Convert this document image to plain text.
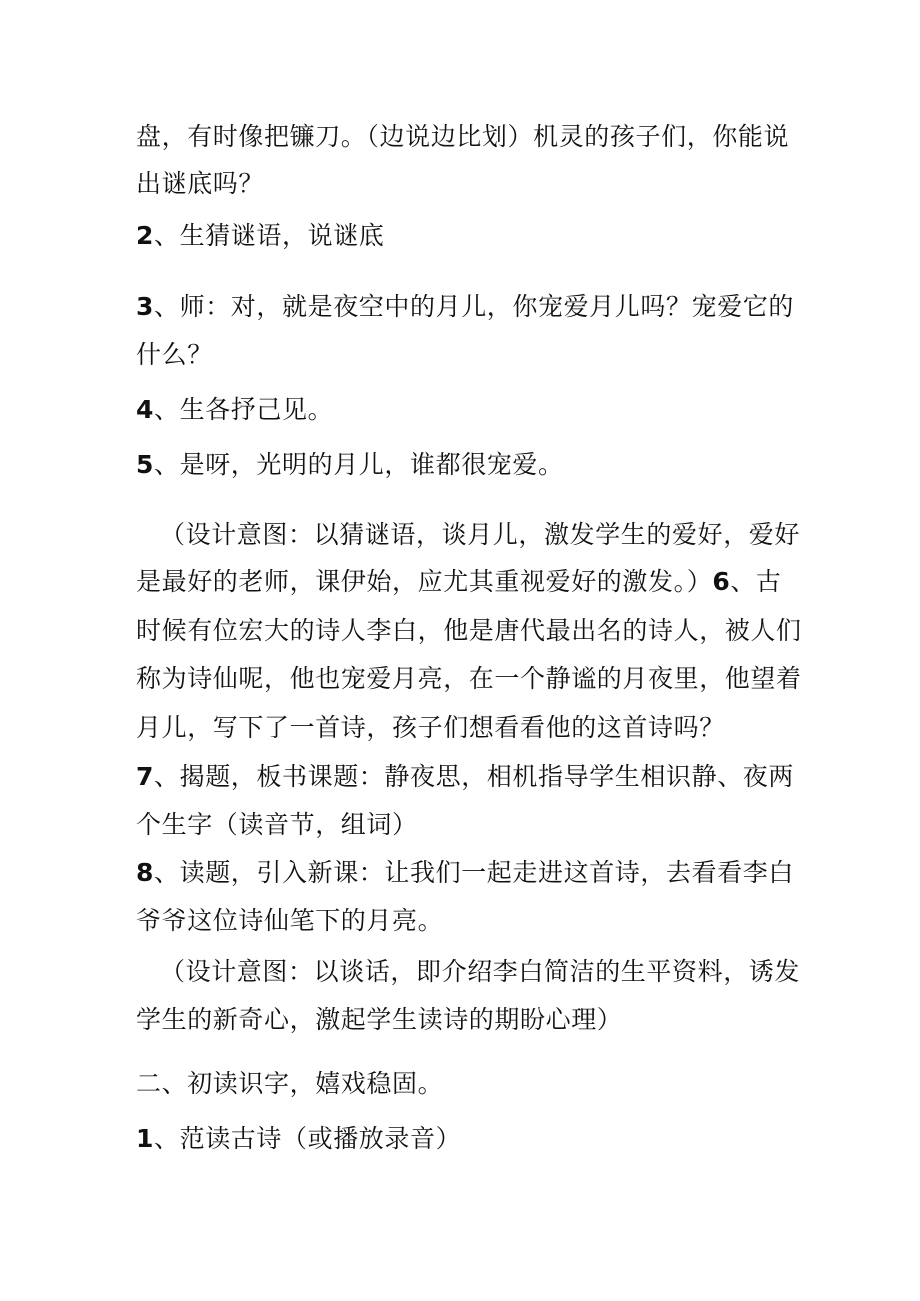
盘，有时像把镰刀。（边说边比划）机灵的孩子们，你能说

出谜底吗？

2、生猜谜语，说谜底

3、师：对，就是夜空中的月儿，你宠爱月儿吗？宠爱它的

什么？

4、生各抒己见。

5、是呀，光明的月儿，谁都很宠爱。

（设计意图：以猜谜语，谈月儿，激发学生的爱好，爱好

是最好的老师，课伊始，应尤其重视爱好的激发。）6、古

时候有位宏大的诗人李白，他是唐代最出名的诗人，被人们

称为诗仙呢，他也宠爱月亮，在一个静谧的月夜里，他望着

月儿，写下了一首诗，孩子们想看看他的这首诗吗？

7、揭题，板书课题：静夜思，相机指导学生相识静、夜两

个生字（读音节，组词）

8、读题，引入新课：让我们一起走进这首诗，去看看李白

爷爷这位诗仙笔下的月亮。

（设计意图：以谈话，即介绍李白简洁的生平资料，诱发

学生的新奇心，激起学生读诗的期盼心理）

二、初读识字，嬉戏稳固。

1、范读古诗（或播放录音）
